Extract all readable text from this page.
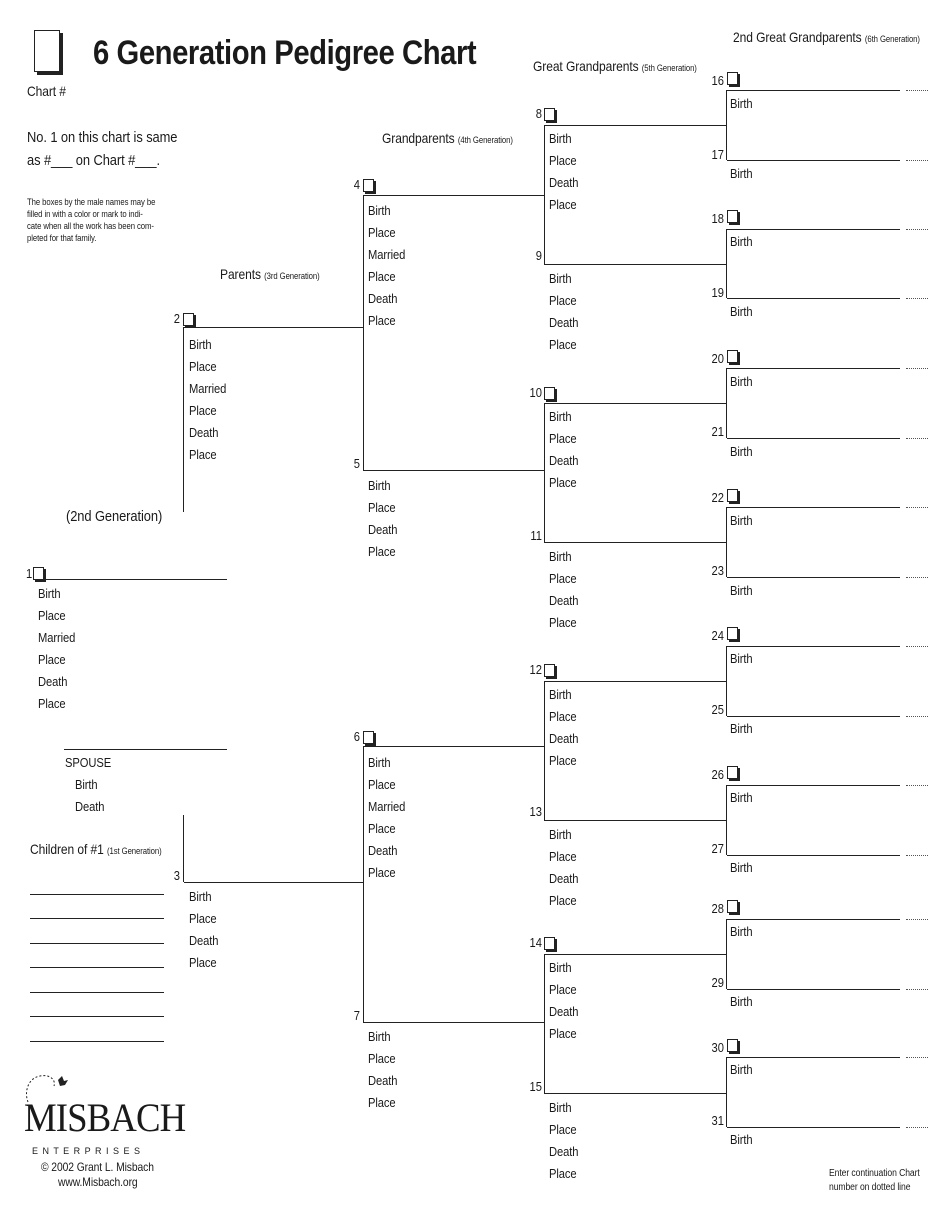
Chart #
6 Generation Pedigree Chart
No. 1 on this chart is same
as #___ on Chart #___.
The boxes by the male names may be
filled in with a color or mark to indi-
cate when all the work has been com-
pleted for that family.
Parents (3rd Generation)
Grandparents (4th Generation)
Great Grandparents (5th Generation)
2nd Great Grandparents (6th Generation)
(2nd Generation)
1
Birth
Place
Married
Place
Death
Place
SPOUSE
Birth
Death
Children of #1 (1st Generation)
2
Birth
Place
Married
Place
Death
Place
3
Birth
Place
Death
Place
4
Birth
Place
Married
Place
Death
Place
5
Birth
Place
Death
Place
6
Birth
Place
Married
Place
Death
Place
7
Birth
Place
Death
Place
8
Birth
Place
Death
Place
9
Birth
Place
Death
Place
10
Birth
Place
Death
Place
11
Birth
Place
Death
Place
12
Birth
Place
Death
Place
13
Birth
Place
Death
Place
14
Birth
Place
Death
Place
15
Birth
Place
Death
Place
16
Birth
17
Birth
18
Birth
19
Birth
20
Birth
21
Birth
22
Birth
23
Birth
24
Birth
25
Birth
26
Birth
27
Birth
28
Birth
29
Birth
30
Birth
31
Birth
MISBACH
E N T E R P R I S E S
© 2002 Grant L. Misbach
www.Misbach.org
Enter continuation Chart
number on dotted line
